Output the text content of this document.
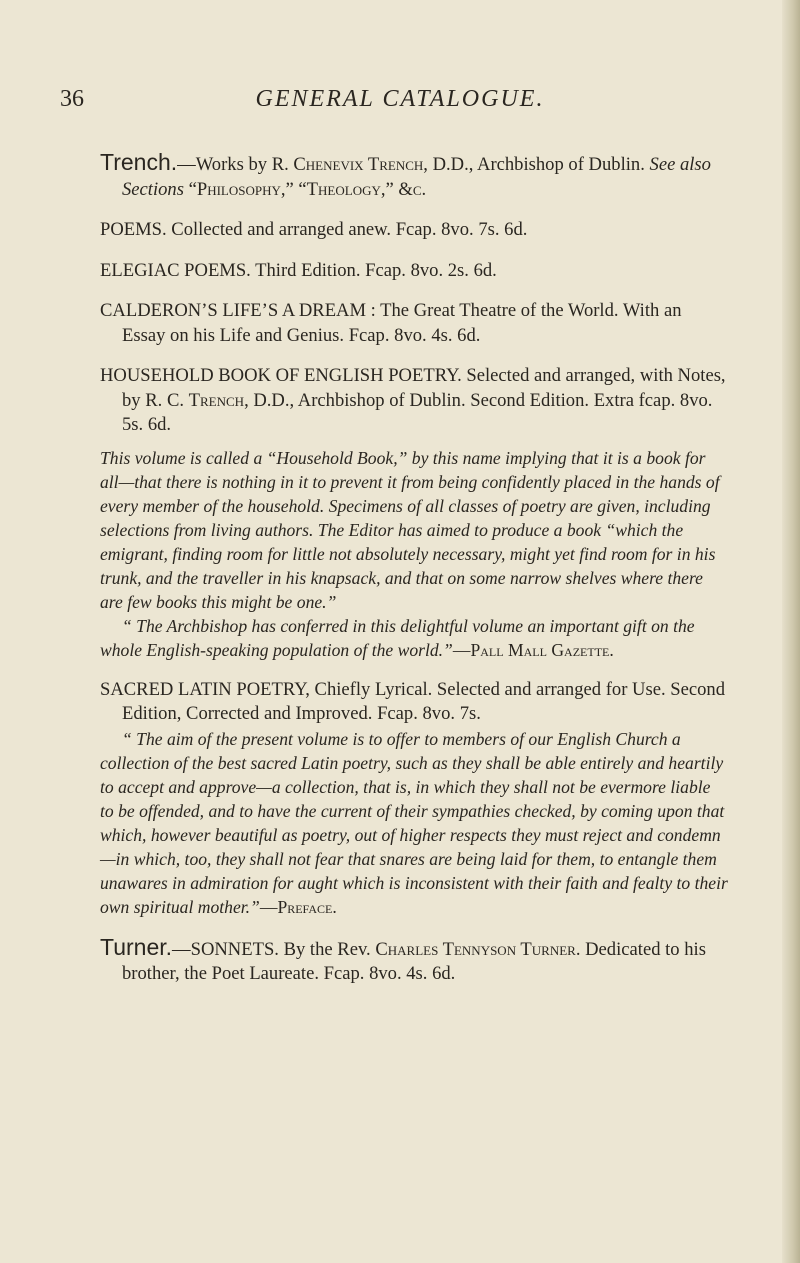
36	GENERAL CATALOGUE.

Trench.—Works by R. Chenevix Trench, D.D., Archbishop of Dublin. See also Sections “Philosophy,” “Theology,” &c.

POEMS. Collected and arranged anew. Fcap. 8vo. 7s. 6d.

ELEGIAC POEMS. Third Edition. Fcap. 8vo. 2s. 6d.

CALDERON’S LIFE’S A DREAM : The Great Theatre of the World. With an Essay on his Life and Genius. Fcap. 8vo. 4s. 6d.

HOUSEHOLD BOOK OF ENGLISH POETRY. Selected and arranged, with Notes, by R. C. Trench, D.D., Archbishop of Dublin. Second Edition. Extra fcap. 8vo. 5s. 6d.

This volume is called a “Household Book,” by this name implying that it is a book for all—that there is nothing in it to prevent it from being confidently placed in the hands of every member of the household. Specimens of all classes of poetry are given, including selections from living authors. The Editor has aimed to produce a book “which the emigrant, finding room for little not absolutely necessary, might yet find room for in his trunk, and the traveller in his knapsack, and that on some narrow shelves where there are few books this might be one.”

“ The Archbishop has conferred in this delightful volume an important gift on the whole English-speaking population of the world.”—Pall Mall Gazette.

SACRED LATIN POETRY, Chiefly Lyrical. Selected and arranged for Use. Second Edition, Corrected and Improved. Fcap. 8vo. 7s.

“ The aim of the present volume is to offer to members of our English Church a collection of the best sacred Latin poetry, such as they shall be able entirely and heartily to accept and approve—a collection, that is, in which they shall not be evermore liable to be offended, and to have the current of their sympathies checked, by coming upon that which, however beautiful as poetry, out of higher respects they must reject and condemn—in which, too, they shall not fear that snares are being laid for them, to entangle them unawares in admiration for aught which is inconsistent with their faith and fealty to their own spiritual mother.”—Preface.

Turner.—SONNETS. By the Rev. Charles Tennyson Turner. Dedicated to his brother, the Poet Laureate. Fcap. 8vo. 4s. 6d.
